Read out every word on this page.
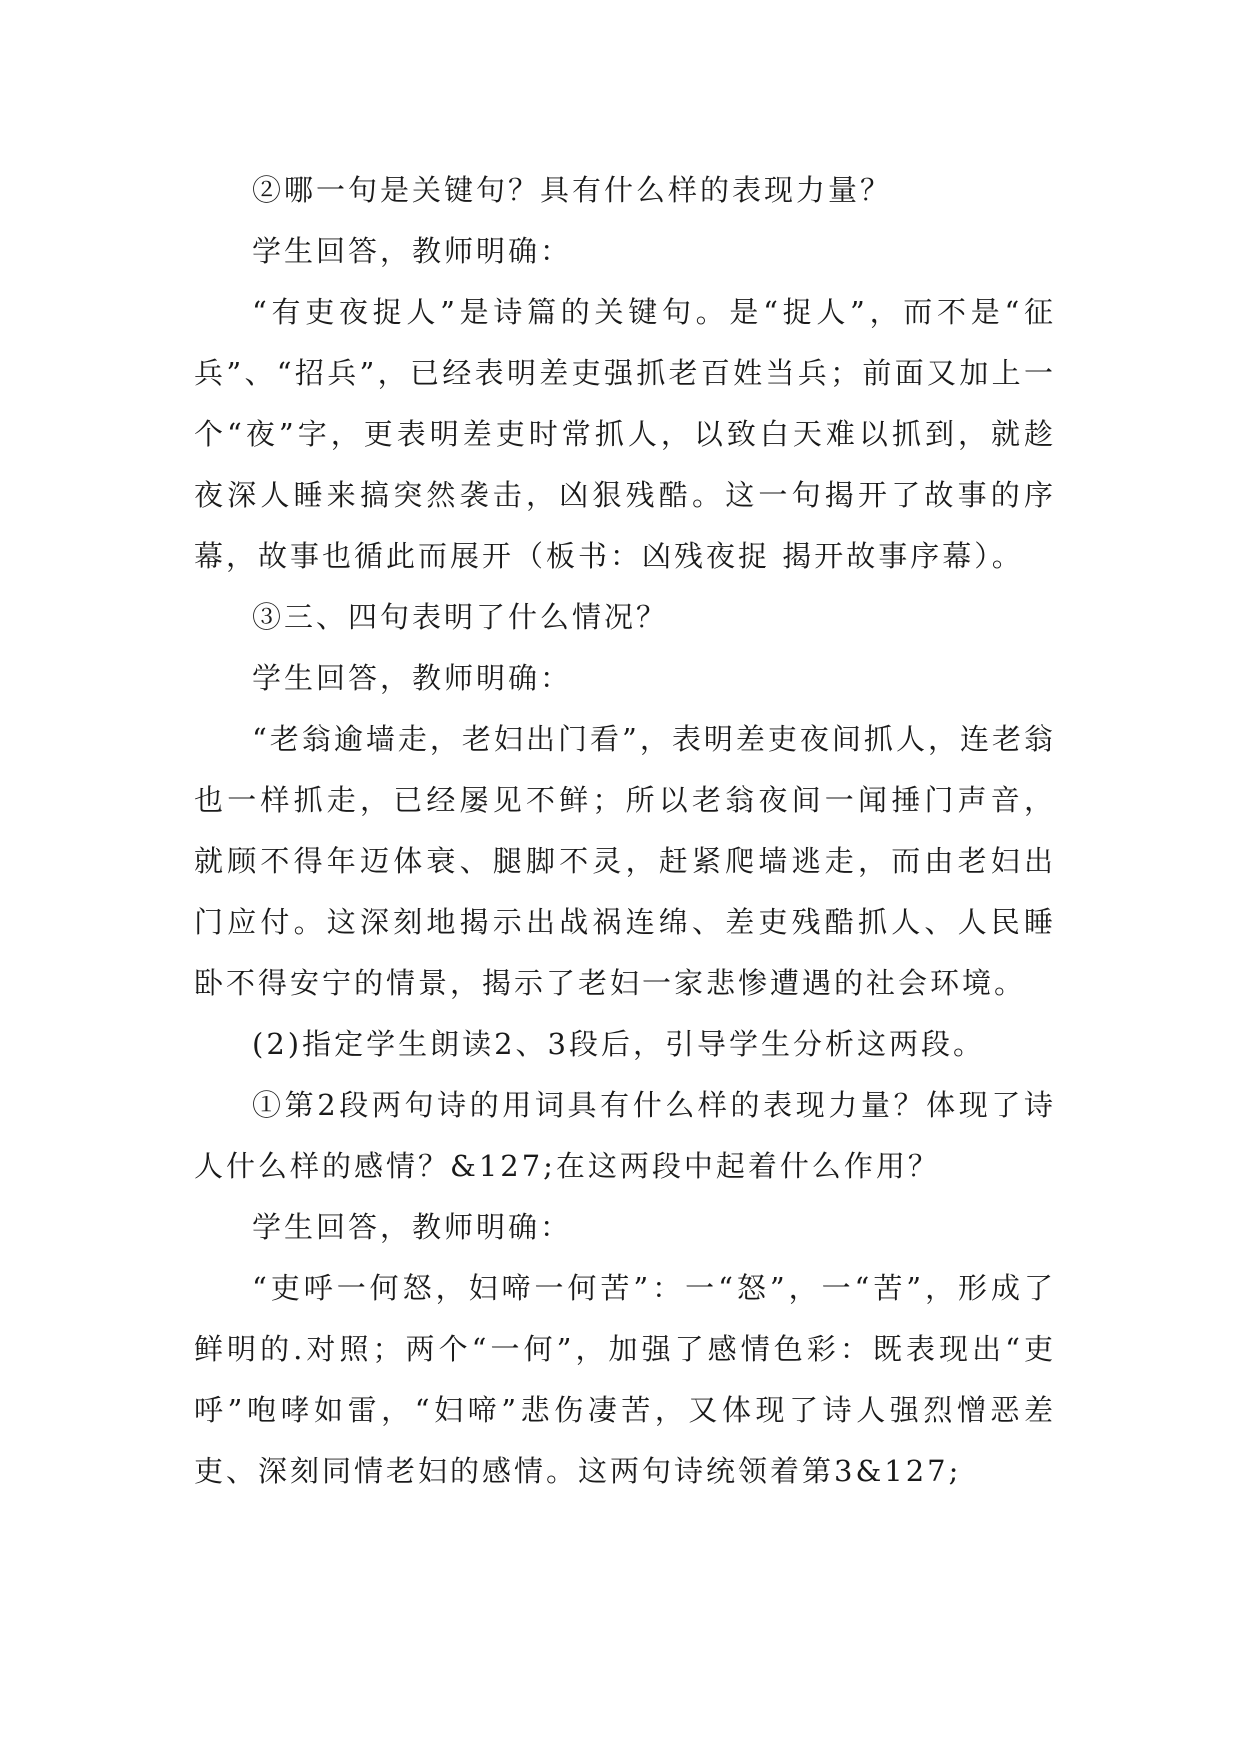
②哪一句是关键句？具有什么样的表现力量？

学生回答，教师明确：

“有吏夜捉人”是诗篇的关键句。是“捉人”，而不是“征兵”、“招兵”，已经表明差吏强抓老百姓当兵；前面又加上一个“夜”字，更表明差吏时常抓人，以致白天难以抓到，就趁夜深人睡来搞突然袭击，凶狠残酷。这一句揭开了故事的序幕，故事也循此而展开（板书：凶残夜捉 揭开故事序幕）。

③三、四句表明了什么情况？

学生回答，教师明确：

“老翁逾墙走，老妇出门看”，表明差吏夜间抓人，连老翁也一样抓走，已经屡见不鲜；所以老翁夜间一闻捶门声音，就顾不得年迈体衰、腿脚不灵，赶紧爬墙逃走，而由老妇出门应付。这深刻地揭示出战祸连绵、差吏残酷抓人、人民睡卧不得安宁的情景，揭示了老妇一家悲惨遭遇的社会环境。

(2)指定学生朗读2、3段后，引导学生分析这两段。

①第2段两句诗的用词具有什么样的表现力量？体现了诗人什么样的感情？&127;在这两段中起着什么作用？

学生回答，教师明确：

“吏呼一何怒，妇啼一何苦”：一“怒”，一“苦”，形成了鲜明的.对照；两个“一何”，加强了感情色彩：既表现出“吏呼”咆哮如雷，“妇啼”悲伤凄苦，又体现了诗人强烈憎恶差吏、深刻同情老妇的感情。这两句诗统领着第3&127;
